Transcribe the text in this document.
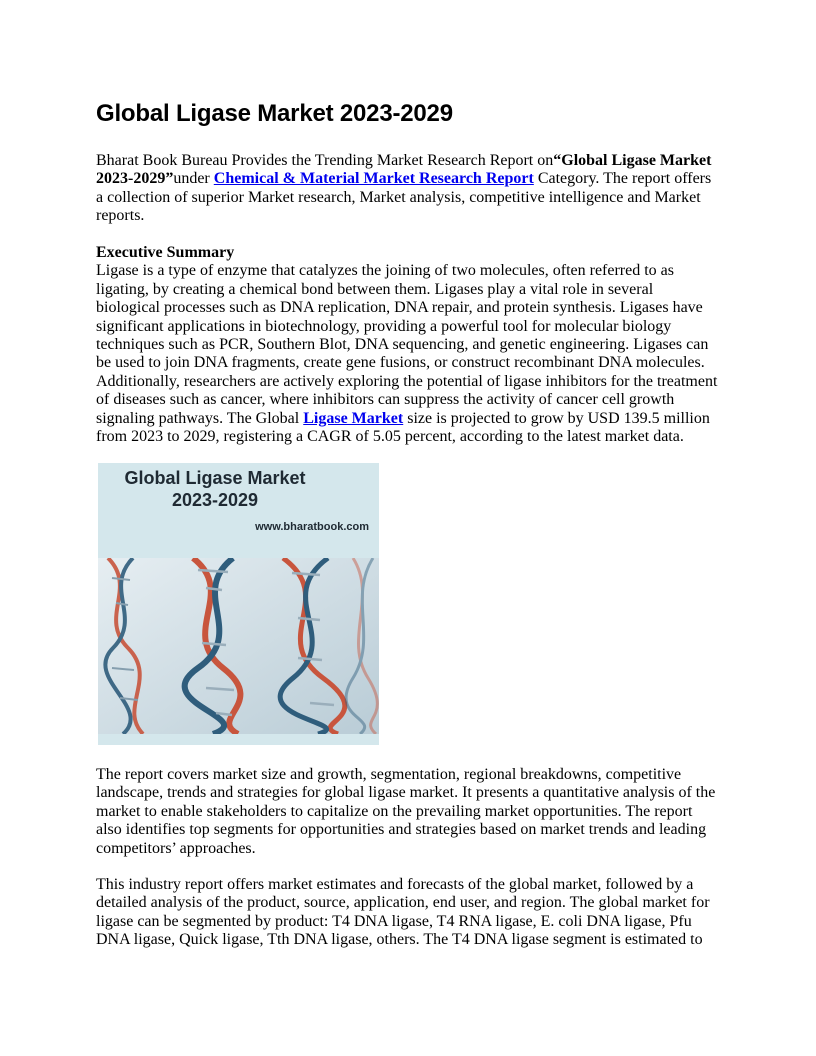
Global Ligase Market 2023-2029

Bharat Book Bureau Provides the Trending Market Research Report on“Global Ligase Market 2023-2029”under Chemical & Material Market Research Report Category. The report offers a collection of superior Market research, Market analysis, competitive intelligence and Market reports.

Executive Summary
Ligase is a type of enzyme that catalyzes the joining of two molecules, often referred to as ligating, by creating a chemical bond between them. Ligases play a vital role in several biological processes such as DNA replication, DNA repair, and protein synthesis. Ligases have significant applications in biotechnology, providing a powerful tool for molecular biology techniques such as PCR, Southern Blot, DNA sequencing, and genetic engineering. Ligases can be used to join DNA fragments, create gene fusions, or construct recombinant DNA molecules. Additionally, researchers are actively exploring the potential of ligase inhibitors for the treatment of diseases such as cancer, where inhibitors can suppress the activity of cancer cell growth signaling pathways. The Global Ligase Market size is projected to grow by USD 139.5 million from 2023 to 2029, registering a CAGR of 5.05 percent, according to the latest market data.

Global Ligase Market
2023-2029
www.bharatbook.com

The report covers market size and growth, segmentation, regional breakdowns, competitive landscape, trends and strategies for global ligase market. It presents a quantitative analysis of the market to enable stakeholders to capitalize on the prevailing market opportunities. The report also identifies top segments for opportunities and strategies based on market trends and leading competitors’ approaches.

This industry report offers market estimates and forecasts of the global market, followed by a detailed analysis of the product, source, application, end user, and region. The global market for ligase can be segmented by product: T4 DNA ligase, T4 RNA ligase, E. coli DNA ligase, Pfu DNA ligase, Quick ligase, Tth DNA ligase, others. The T4 DNA ligase segment is estimated to
